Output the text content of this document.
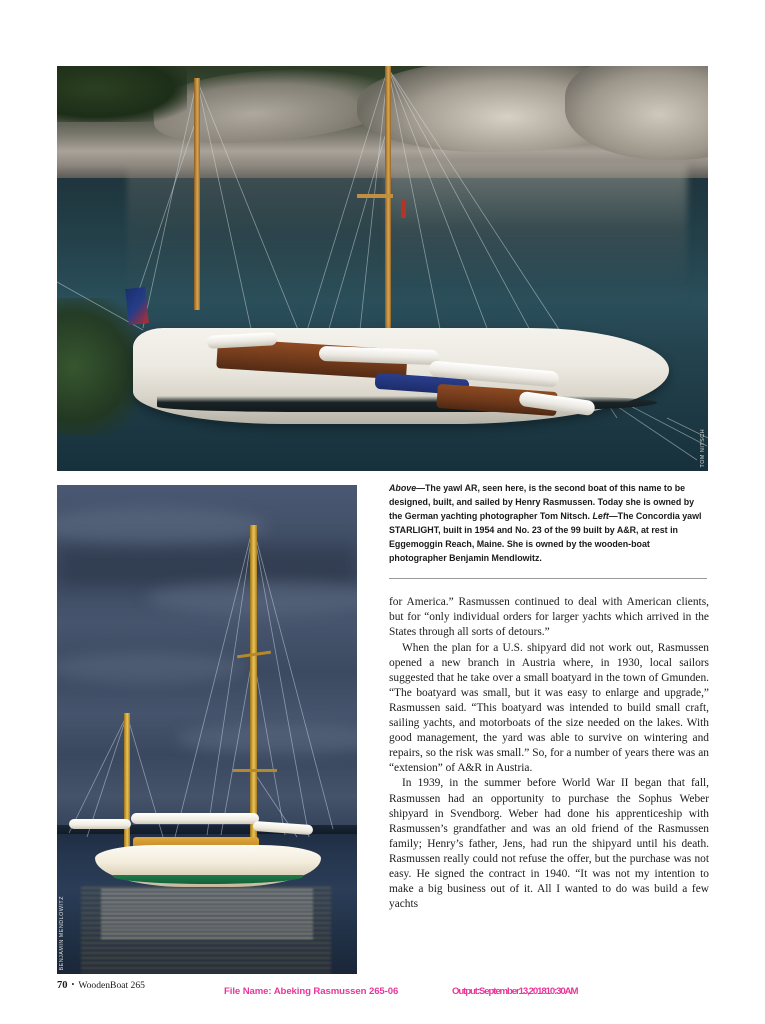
TOM NITSCH
BENJAMIN MENDLOWITZ
Above—The yawl AR, seen here, is the second boat of this name to be designed, built, and sailed by Henry Rasmussen. Today she is owned by the German yachting photographer Tom Nitsch. Left—The Concordia yawl STARLIGHT, built in 1954 and No. 23 of the 99 built by A&R, at rest in Eggemoggin Reach, Maine. She is owned by the wooden-boat photographer Benjamin Mendlowitz.

for America.” Rasmussen continued to deal with American clients, but for “only individual orders for larger yachts which arrived in the States through all sorts of detours.”

When the plan for a U.S. shipyard did not work out, Rasmussen opened a new branch in Austria where, in 1930, local sailors suggested that he take over a small boatyard in the town of Gmunden. “The boatyard was small, but it was easy to enlarge and upgrade,” Rasmussen said. “This boatyard was intended to build small craft, sailing yachts, and motorboats of the size needed on the lakes. With good management, the yard was able to survive on wintering and repairs, so the risk was small.” So, for a number of years there was an “extension” of A&R in Austria.

In 1939, in the summer before World War II began that fall, Rasmussen had an opportunity to purchase the Sophus Weber shipyard in Svendborg. Weber had done his apprenticeship with Rasmussen’s grandfather and was an old friend of the Rasmussen family; Henry’s father, Jens, had run the shipyard until his death. Rasmussen really could not refuse the offer, but the purchase was not easy. He signed the contract in 1940. “It was not my intention to make a big business out of it. All I wanted to do was build a few yachts

70 • WoodenBoat 265
File Name: Abeking Rasmussen 265-06	Output:September13,201810:30AM
